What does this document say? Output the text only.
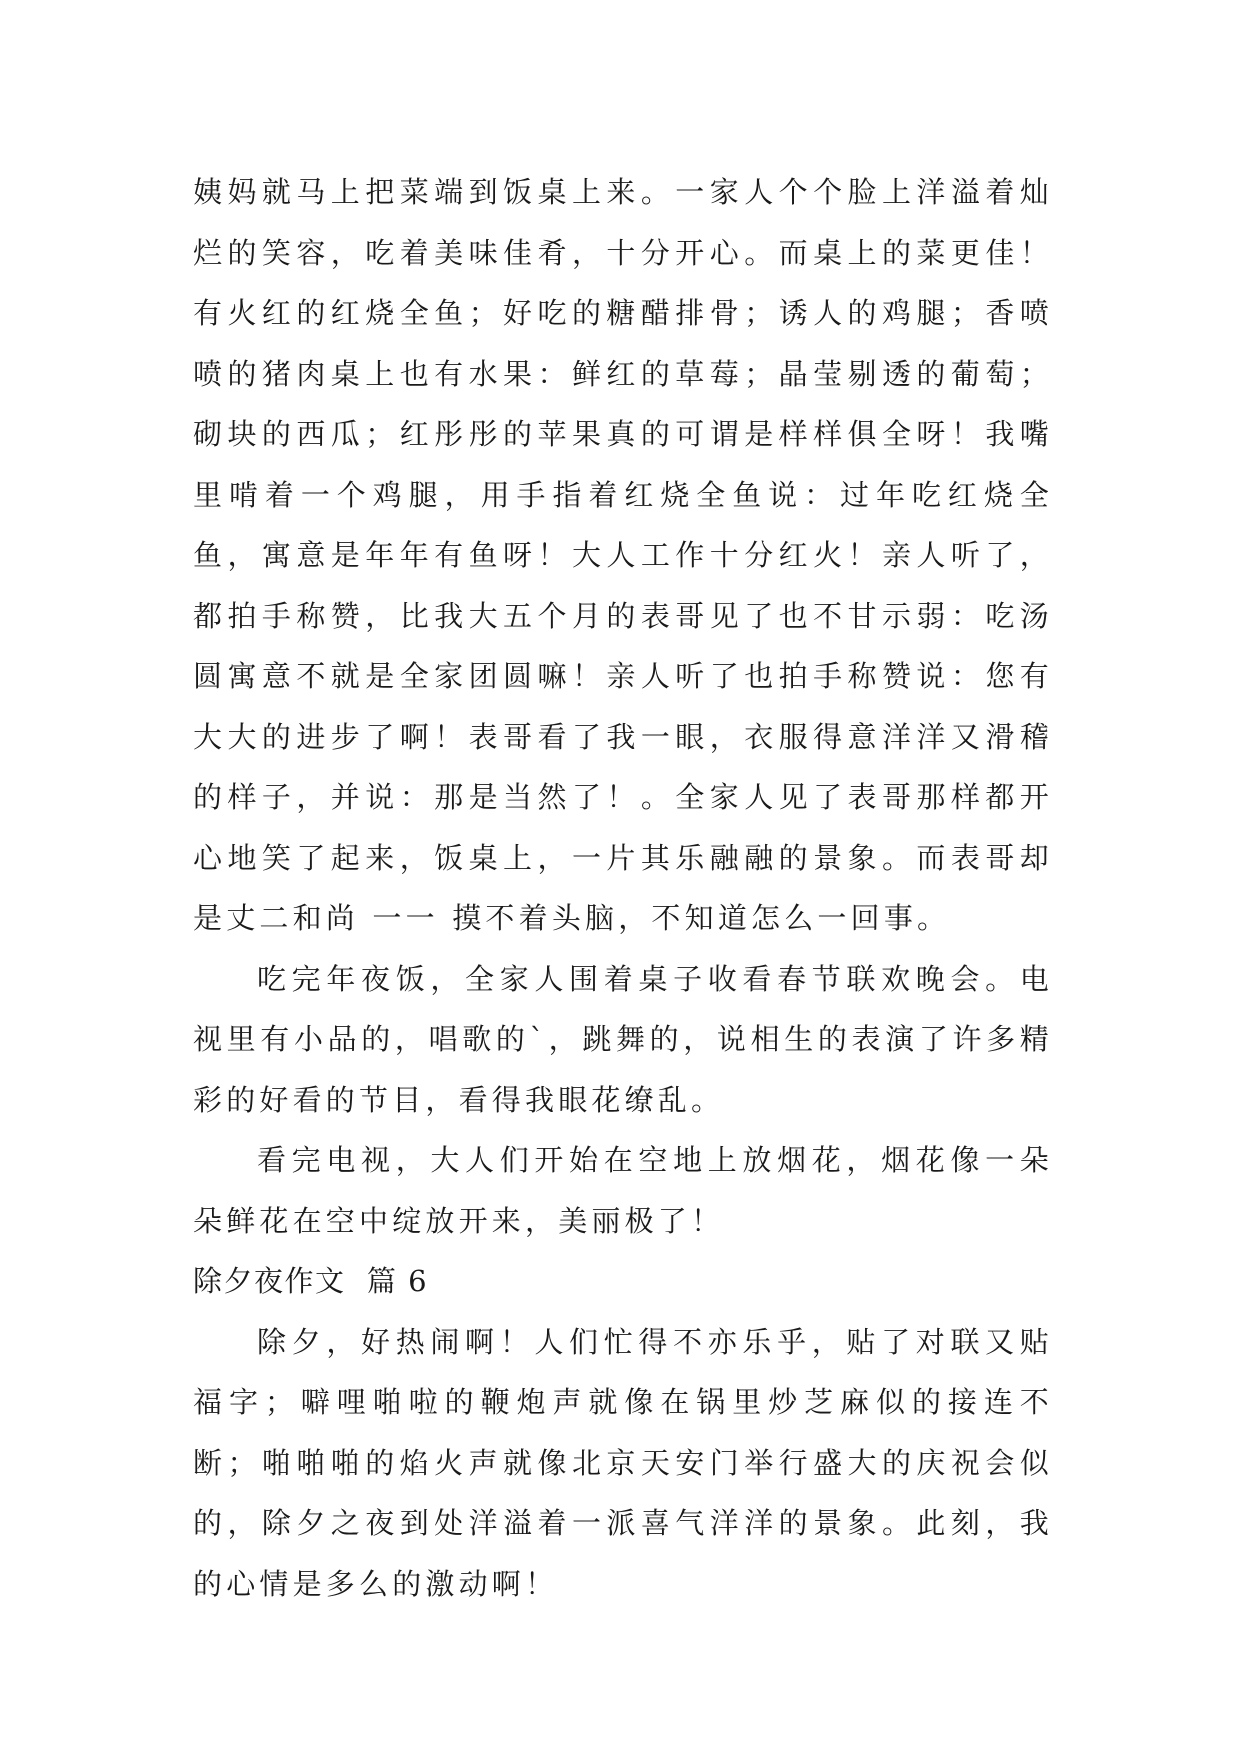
姨妈就马上把菜端到饭桌上来。一家人个个脸上洋溢着灿烂的笑容，吃着美味佳肴，十分开心。而桌上的菜更佳！有火红的红烧全鱼；好吃的糖醋排骨；诱人的鸡腿；香喷喷的猪肉桌上也有水果：鲜红的草莓；晶莹剔透的葡萄；砌块的西瓜；红彤彤的苹果真的可谓是样样俱全呀！我嘴里啃着一个鸡腿，用手指着红烧全鱼说：过年吃红烧全鱼，寓意是年年有鱼呀！大人工作十分红火！亲人听了，都拍手称赞，比我大五个月的表哥见了也不甘示弱：吃汤圆寓意不就是全家团圆嘛！亲人听了也拍手称赞说：您有大大的进步了啊！表哥看了我一眼，衣服得意洋洋又滑稽的样子，并说：那是当然了！。全家人见了表哥那样都开心地笑了起来，饭桌上，一片其乐融融的景象。而表哥却是丈二和尚 一一 摸不着头脑，不知道怎么一回事。

吃完年夜饭，全家人围着桌子收看春节联欢晚会。电视里有小品的，唱歌的`，跳舞的，说相生的表演了许多精彩的好看的节目，看得我眼花缭乱。

看完电视，大人们开始在空地上放烟花，烟花像一朵朵鲜花在空中绽放开来，美丽极了！

除夕夜作文  篇 6

除夕，好热闹啊！人们忙得不亦乐乎，贴了对联又贴福字；噼哩啪啦的鞭炮声就像在锅里炒芝麻似的接连不断；啪啪啪的焰火声就像北京天安门举行盛大的庆祝会似的，除夕之夜到处洋溢着一派喜气洋洋的景象。此刻，我的心情是多么的激动啊！
